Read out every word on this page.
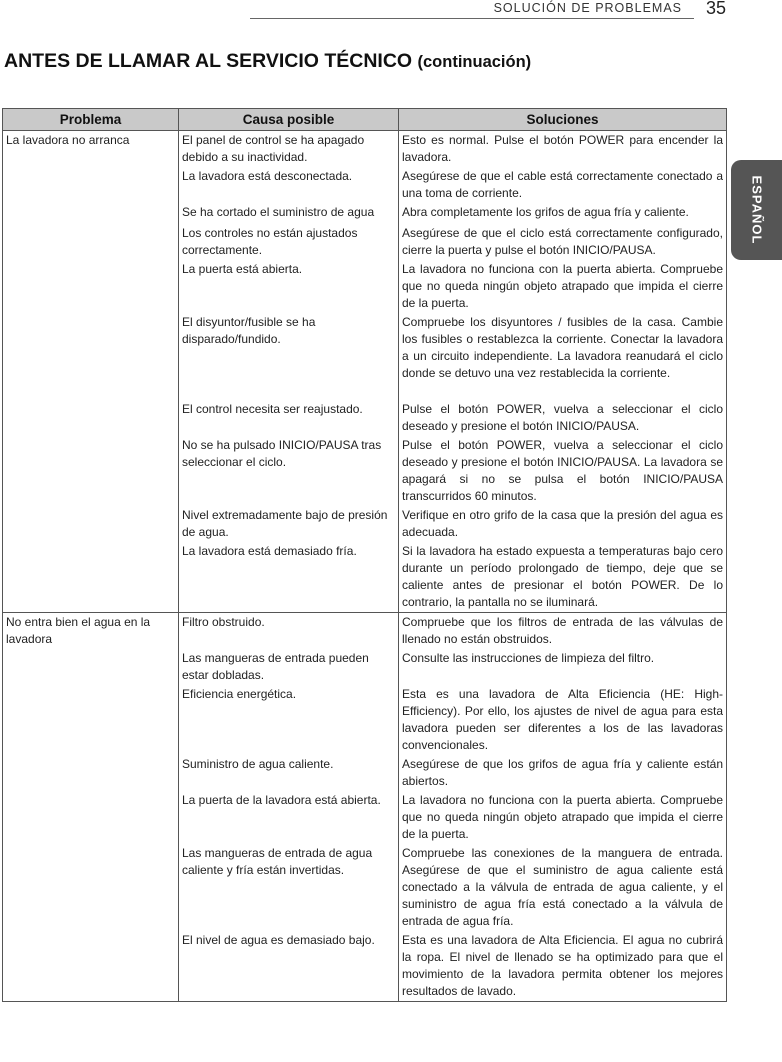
SOLUCIÓN DE PROBLEMAS 35
ANTES DE LLAMAR AL SERVICIO TÉCNICO (continuación)
ESPAÑOL
Problema	Causa posible	Soluciones
La lavadora no arranca	El panel de control se ha apagado debido a su inactividad.	Esto es normal. Pulse el botón POWER para encender la lavadora.

	La lavadora está desconectada.	Asegúrese de que el cable está correctamente conectado a una toma de corriente.

	Se ha cortado el suministro de agua	Abra completamente los grifos de agua fría y caliente.

	Los controles no están ajustados correctamente.	Asegúrese de que el ciclo está correctamente configurado, cierre la puerta y pulse el botón INICIO/PAUSA.

	La puerta está abierta.	La lavadora no funciona con la puerta abierta. Compruebe que no queda ningún objeto atrapado que impida el cierre de la puerta.

	El disyuntor/fusible se ha disparado/fundido.	Compruebe los disyuntores / fusibles de la casa. Cambie los fusibles o restablezca la corriente. Conectar la lavadora a un circuito independiente. La lavadora reanudará el ciclo donde se detuvo una vez restablecida la corriente.

	El control necesita ser reajustado.	Pulse el botón POWER, vuelva a seleccionar el ciclo deseado y presione el botón INICIO/PAUSA.

	No se ha pulsado INICIO/PAUSA tras seleccionar el ciclo.	Pulse el botón POWER, vuelva a seleccionar el ciclo deseado y presione el botón INICIO/PAUSA. La lavadora se apagará si no se pulsa el botón INICIO/PAUSA transcurridos 60 minutos.

	Nivel extremadamente bajo de presión de agua.	Verifique en otro grifo de la casa que la presión del agua es adecuada.

	La lavadora está demasiado fría.	Si la lavadora ha estado expuesta a temperaturas bajo cero durante un período prolongado de tiempo, deje que se caliente antes de presionar el botón POWER. De lo contrario, la pantalla no se iluminará.

No entra bien el agua en la lavadora	Filtro obstruido.	Compruebe que los filtros de entrada de las válvulas de llenado no están obstruidos.

	Las mangueras de entrada pueden estar dobladas.	Consulte las instrucciones de limpieza del filtro.

	Eficiencia energética.	Esta es una lavadora de Alta Eficiencia (HE: High-Efficiency). Por ello, los ajustes de nivel de agua para esta lavadora pueden ser diferentes a los de las lavadoras convencionales.

	Suministro de agua caliente.	Asegúrese de que los grifos de agua fría y caliente están abiertos.

	La puerta de la lavadora está abierta.	La lavadora no funciona con la puerta abierta. Compruebe que no queda ningún objeto atrapado que impida el cierre de la puerta.

	Las mangueras de entrada de agua caliente y fría están invertidas.	Compruebe las conexiones de la manguera de entrada. Asegúrese de que el suministro de agua caliente está conectado a la válvula de entrada de agua caliente, y el suministro de agua fría está conectado a la válvula de entrada de agua fría.

	El nivel de agua es demasiado bajo.	Esta es una lavadora de Alta Eficiencia. El agua no cubrirá la ropa. El nivel de llenado se ha optimizado para que el movimiento de la lavadora permita obtener los mejores resultados de lavado.
